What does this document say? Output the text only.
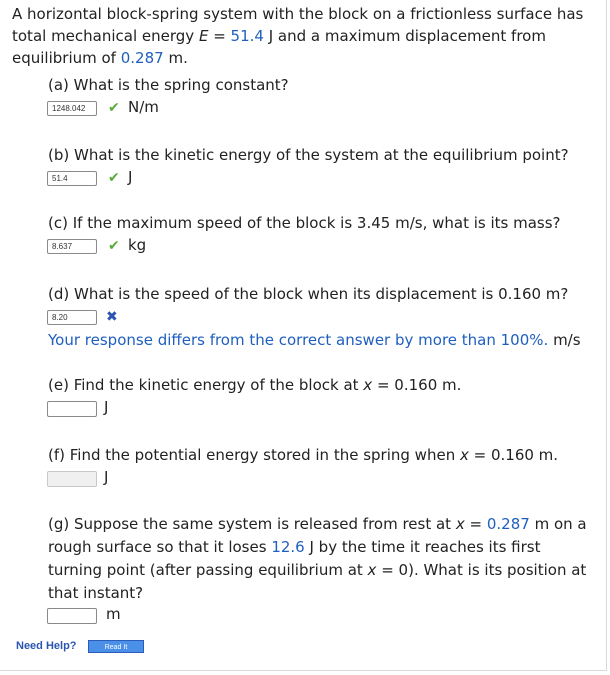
A horizontal block-spring system with the block on a frictionless surface has
total mechanical energy E = 51.4 J and a maximum displacement from
equilibrium of 0.287 m.
(a) What is the spring constant?
1248.042	✔ N/m
(b) What is the kinetic energy of the system at the equilibrium point?
51.4	✔ J
(c) If the maximum speed of the block is 3.45 m/s, what is its mass?
8.637	✔ kg
(d) What is the speed of the block when its displacement is 0.160 m?
8.20	✖
Your response differs from the correct answer by more than 100%. m/s
(e) Find the kinetic energy of the block at x = 0.160 m.
J
(f) Find the potential energy stored in the spring when x = 0.160 m.
J
(g) Suppose the same system is released from rest at x = 0.287 m on a
rough surface so that it loses 12.6 J by the time it reaches its first
turning point (after passing equilibrium at x = 0). What is its position at
that instant?
m
Need Help?	Read It
